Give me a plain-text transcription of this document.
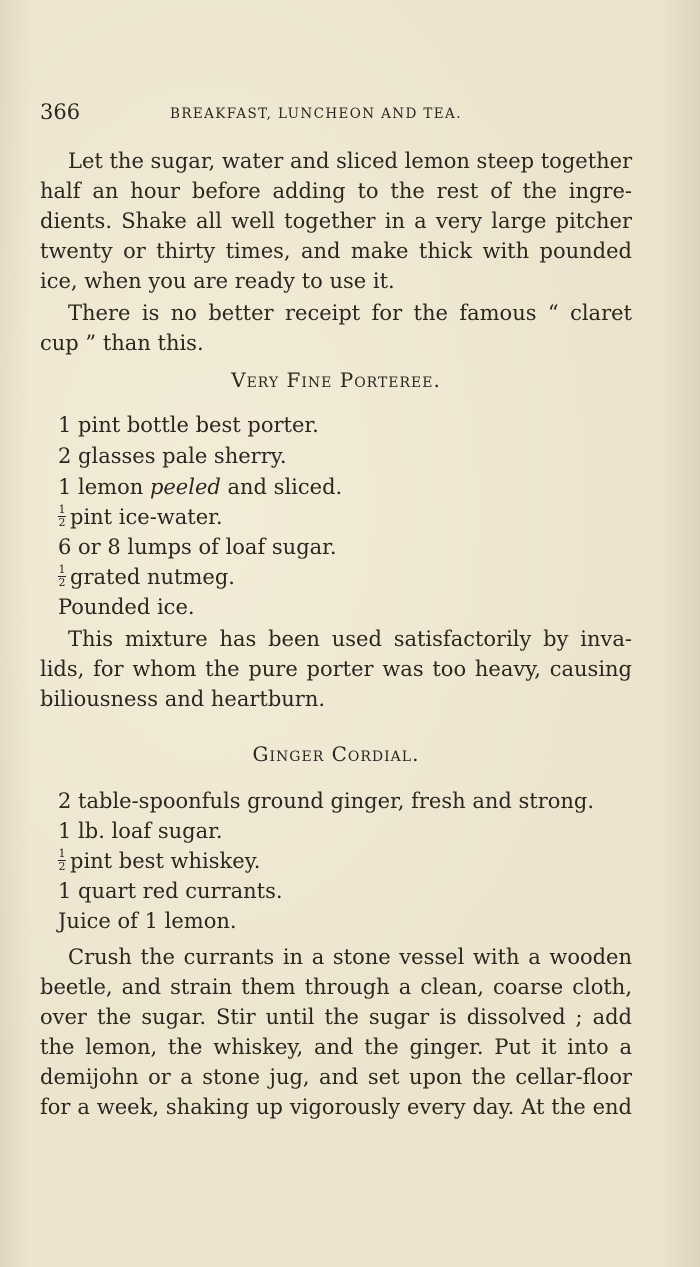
366	BREAKFAST, LUNCHEON AND TEA.
Let the sugar, water and sliced lemon steep together
half an hour before adding to the rest of the ingre-
dients. Shake all well together in a very large pitcher
twenty or thirty times, and make thick with pounded
ice, when you are ready to use it.
There is no better receipt for the famous “ claret
cup ” than this.
Very Fine Porteree.
1 pint bottle best porter.
2 glasses pale sherry.
1 lemon peeled and sliced.
$\frac{1}{2}$ pint ice-water.
6 or 8 lumps of loaf sugar.
$\frac{1}{2}$ grated nutmeg.
Pounded ice.
This mixture has been used satisfactorily by inva-
lids, for whom the pure porter was too heavy, causing
biliousness and heartburn.
Ginger Cordial.
2 table-spoonfuls ground ginger, fresh and strong.
1 lb. loaf sugar.
$\frac{1}{2}$ pint best whiskey.
1 quart red currants.
Juice of 1 lemon.
Crush the currants in a stone vessel with a wooden
beetle, and strain them through a clean, coarse cloth,
over the sugar. Stir until the sugar is dissolved ; add
the lemon, the whiskey, and the ginger. Put it into a
demijohn or a stone jug, and set upon the cellar-floor
for a week, shaking up vigorously every day. At the end
